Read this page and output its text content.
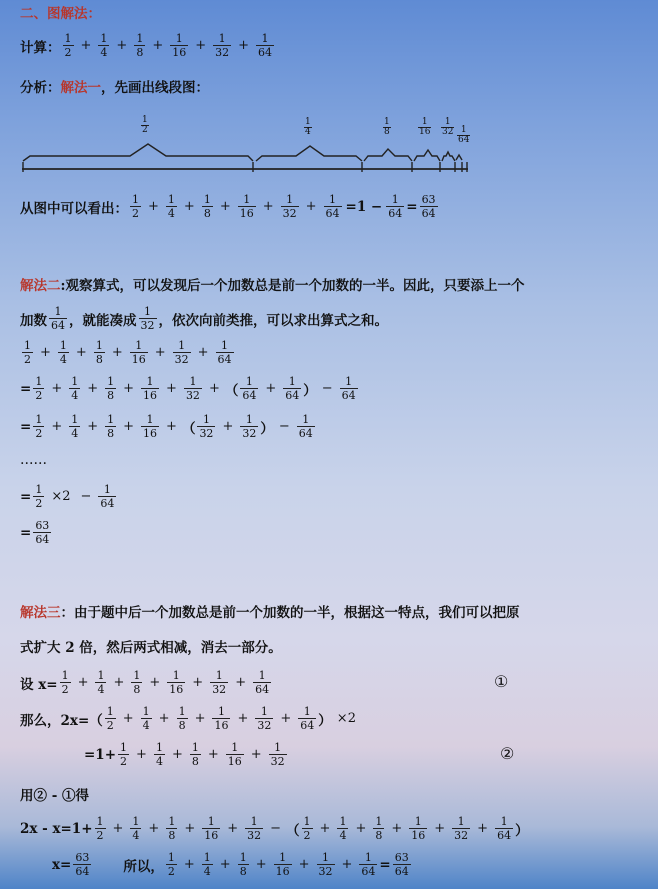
二、图解法：
计算： $\frac{1}{2} + \frac{1}{4} + \frac{1}{8} + \frac{1}{16} + \frac{1}{32} + \frac{1}{64}$
分析： 解法一 ，先画出线段图：
1
2
1
4
1
8
1
16
1
32 1
64
从图中可以看出： $\frac{1}{2} + \frac{1}{4} + \frac{1}{8} + \frac{1}{16} + \frac{1}{32} + \frac{1}{64} =1 - \frac{1}{64} = \frac{63}{64}$
解法二 :观察算式，可以发现后一个加数总是前一个加数的一半。因此，只要添上一个
加数 $\frac{1}{64}$ ，就能凑成 $\frac{1}{32}$ ，依次向前类推，可以求出算式之和。
$\frac{1}{2} + \frac{1}{4} + \frac{1}{8} + \frac{1}{16} + \frac{1}{32} + \frac{1}{64}$
= $\frac{1}{2} + \frac{1}{4} + \frac{1}{8} + \frac{1}{16} + \frac{1}{32}$ + （ $\frac{1}{64} + \frac{1}{64}$ ） − $\frac{1}{64}$
= $\frac{1}{2} + \frac{1}{4} + \frac{1}{8} + \frac{1}{16}$ + （ $\frac{1}{32} + \frac{1}{32}$ ） − $\frac{1}{64}$
……
= $\frac{1}{2} \times 2 - \frac{1}{64}$
= $\frac{63}{64}$
解法三 ：由于题中后一个加数总是前一个加数的一半，根据这一特点，我们可以把原
式扩大 2 倍，然后两式相减，消去一部分。
设 $x= \frac{1}{2} + \frac{1}{4} + \frac{1}{8} + \frac{1}{16} + \frac{1}{32} + \frac{1}{64}$	①
那么，2x= （ $\frac{1}{2} + \frac{1}{4} + \frac{1}{8} + \frac{1}{16} + \frac{1}{32} + \frac{1}{64}$ ） ×2
$=1+ \frac{1}{2} + \frac{1}{4} + \frac{1}{8} + \frac{1}{16} + \frac{1}{32}$	②
用② - ①得
$2x - x=1+ \frac{1}{2} + \frac{1}{4} + \frac{1}{8} + \frac{1}{16} + \frac{1}{32}$ − （ $\frac{1}{2} + \frac{1}{4} + \frac{1}{8} + \frac{1}{16} + \frac{1}{32} + \frac{1}{64}$ ）
$x= \frac{63}{64}$ 所以， $\frac{1}{2} + \frac{1}{4} + \frac{1}{8} + \frac{1}{16} + \frac{1}{32} + \frac{1}{64} = \frac{63}{64}$
